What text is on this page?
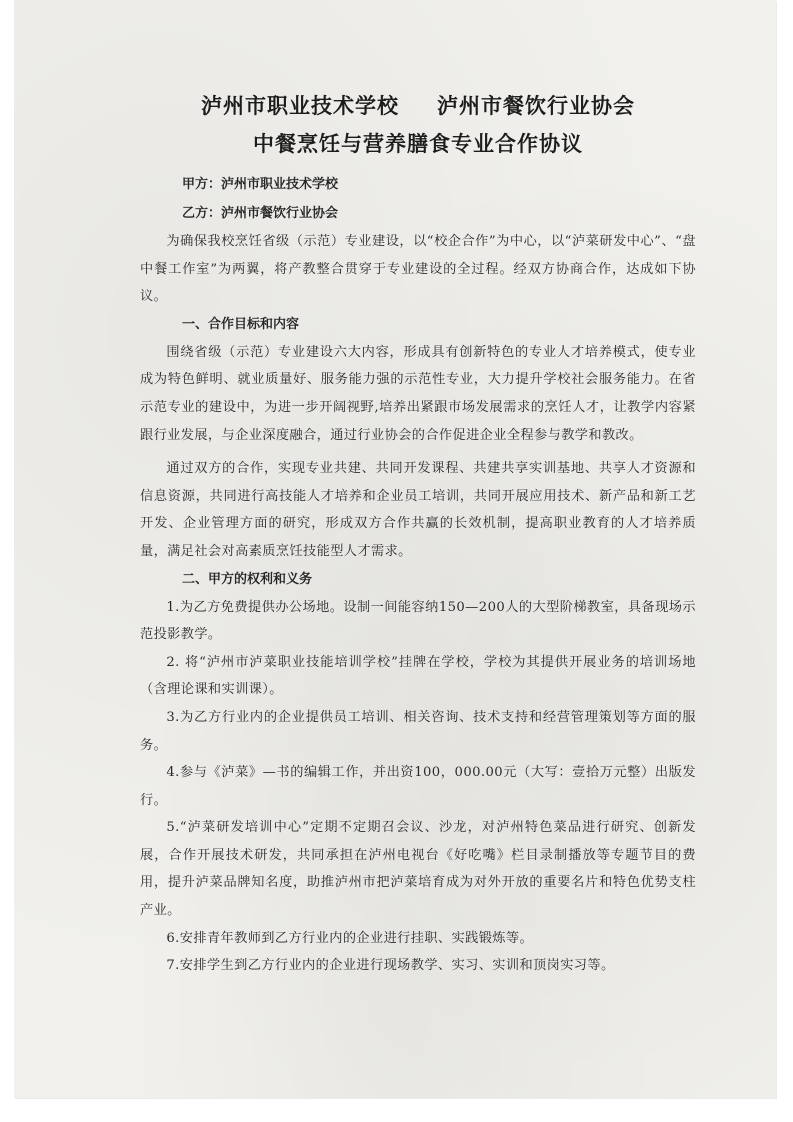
泸州市职业技术学校 泸州市餐饮行业协会
中餐烹饪与营养膳食专业合作协议
甲方：泸州市职业技术学校
乙方：泸州市餐饮行业协会

为确保我校烹饪省级（示范）专业建设，以“校企合作”为中心，以“泸菜研发中心”、“盘中餐工作室”为两翼，将产教整合贯穿于专业建设的全过程。经双方协商合作，达成如下协议。

一、合作目标和内容

围绕省级（示范）专业建设六大内容，形成具有创新特色的专业人才培养模式，使专业成为特色鲜明、就业质量好、服务能力强的示范性专业，大力提升学校社会服务能力。在省示范专业的建设中，为进一步开阔视野,培养出紧跟市场发展需求的烹饪人才，让教学内容紧跟行业发展，与企业深度融合，通过行业协会的合作促进企业全程参与教学和教改。

通过双方的合作，实现专业共建、共同开发课程、共建共享实训基地、共享人才资源和信息资源，共同进行高技能人才培养和企业员工培训，共同开展应用技术、新产品和新工艺开发、企业管理方面的研究，形成双方合作共赢的长效机制，提高职业教育的人才培养质量，满足社会对高素质烹饪技能型人才需求。

二、甲方的权利和义务

1.为乙方免费提供办公场地。设制一间能容纳150—200人的大型阶梯教室，具备现场示范投影教学。

2. 将“泸州市泸菜职业技能培训学校”挂牌在学校，学校为其提供开展业务的培训场地（含理论课和实训课）。

3.为乙方行业内的企业提供员工培训、相关咨询、技术支持和经营管理策划等方面的服务。

4.参与《泸菜》—书的编辑工作，并出资100，000.00元（大写：壹拾万元整）出版发行。

5.“泸菜研发培训中心”定期不定期召会议、沙龙，对泸州特色菜品进行研究、创新发展，合作开展技术研发，共同承担在泸州电视台《好吃嘴》栏目录制播放等专题节目的费用，提升泸菜品牌知名度，助推泸州市把泸菜培育成为对外开放的重要名片和特色优势支柱产业。

6.安排青年教师到乙方行业内的企业进行挂职、实践锻炼等。

7.安排学生到乙方行业内的企业进行现场教学、实习、实训和顶岗实习等。
